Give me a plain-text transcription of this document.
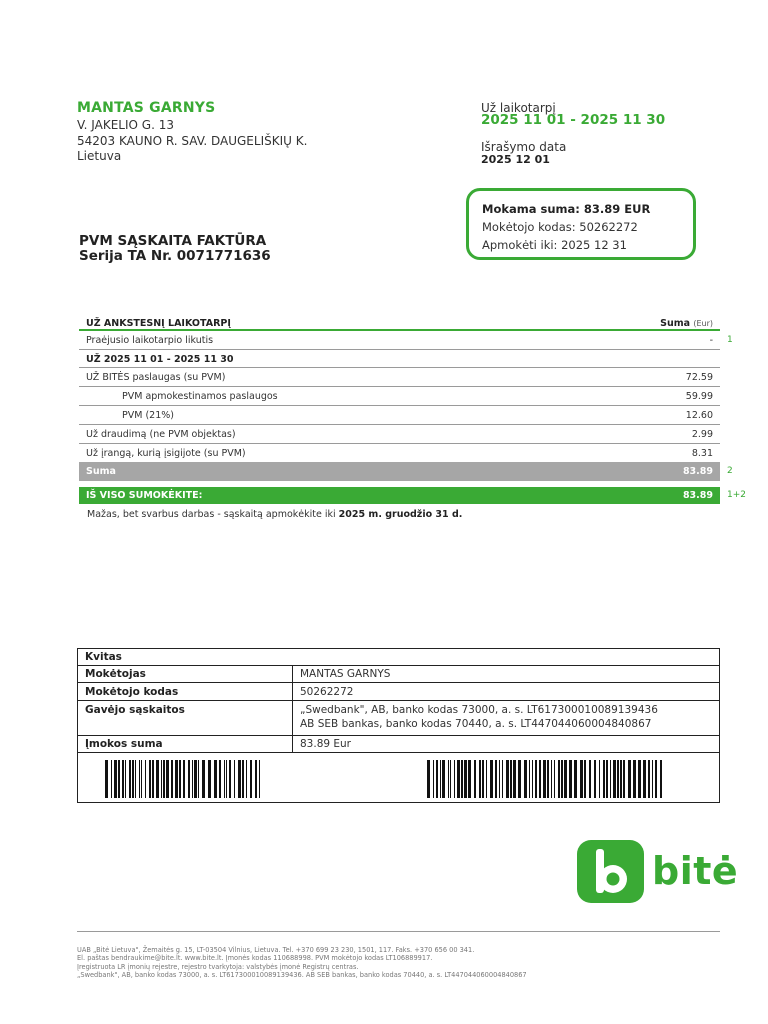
MANTAS GARNYS
V. JAKELIO G. 13
54203 KAUNO R. SAV. DAUGELIŠKIŲ K.
Lietuva
Už laikotarpį
2025 11 01 - 2025 11 30
Išrašymo data
2025 12 01
Mokama suma: 83.89 EUR
Mokėtojo kodas: 50262272
Apmokėti iki: 2025 12 31
PVM SĄSKAITA FAKTŪRA
Serija TA Nr. 0071771636
UŽ ANKSTESNĮ LAIKOTARPĮ	Suma (Eur)
Praėjusio laikotarpio likutis	-
UŽ 2025 11 01 - 2025 11 30
UŽ BITĖS paslaugas (su PVM)	72.59
PVM apmokestinamos paslaugos	59.99
PVM (21%)	12.60
Už draudimą (ne PVM objektas)	2.99
Už įrangą, kurią įsigijote (su PVM)	8.31
Suma	83.89
IŠ VISO SUMOKĖKITE:	83.89
1
2
1+2
Mažas, bet svarbus darbas - sąskaitą apmokėkite iki 2025 m. gruodžio 31 d.
Kvitas
Mokėtojas	MANTAS GARNYS
Mokėtojo kodas	50262272
Gavėjo sąskaitos	„Swedbank", AB, banko kodas 73000, a. s. LT617300010089139436
AB SEB bankas, banko kodas 70440, a. s. LT447044060004840867
Įmokos suma	83.89 Eur
bitė
UAB „Bitė Lietuva", Žemaitės g. 15, LT-03504 Vilnius, Lietuva. Tel. +370 699 23 230, 1501, 117. Faks. +370 656 00 341.
El. paštas bendraukime@bite.lt. www.bite.lt. Įmonės kodas 110688998. PVM mokėtojo kodas LT106889917.
Įregistruota LR įmonių rejestre, rejestro tvarkytoja: valstybės įmonė Registrų centras.
„Swedbank", AB, banko kodas 73000, a. s. LT617300010089139436. AB SEB bankas, banko kodas 70440, a. s. LT447044060004840867
